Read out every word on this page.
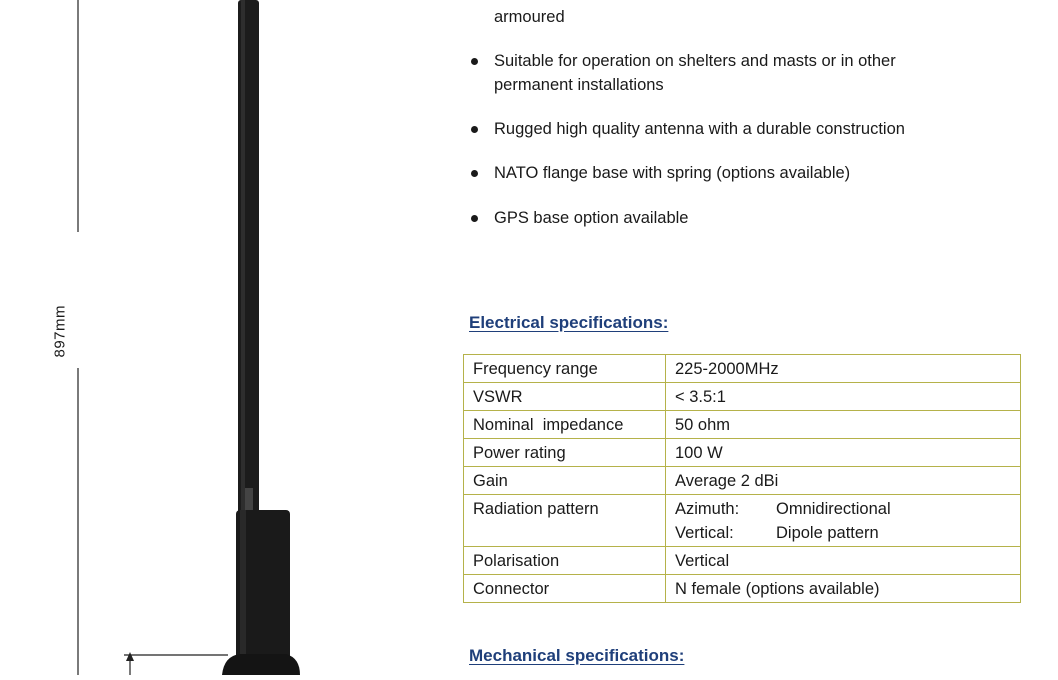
897mm
armoured
Suitable for operation on shelters and masts or in other
permanent installations
Rugged high quality antenna with a durable construction
NATO flange base with spring (options available)
GPS base option available
Electrical specifications:
Frequency range	225-2000MHz
VSWR	< 3.5:1
Nominal  impedance	50 ohm
Power rating	100 W
Gain	Average 2 dBi
Radiation pattern	Azimuth: Omnidirectional
Vertical: Dipole pattern

Polarisation	Vertical
Connector	N female (options available)
Mechanical specifications:
